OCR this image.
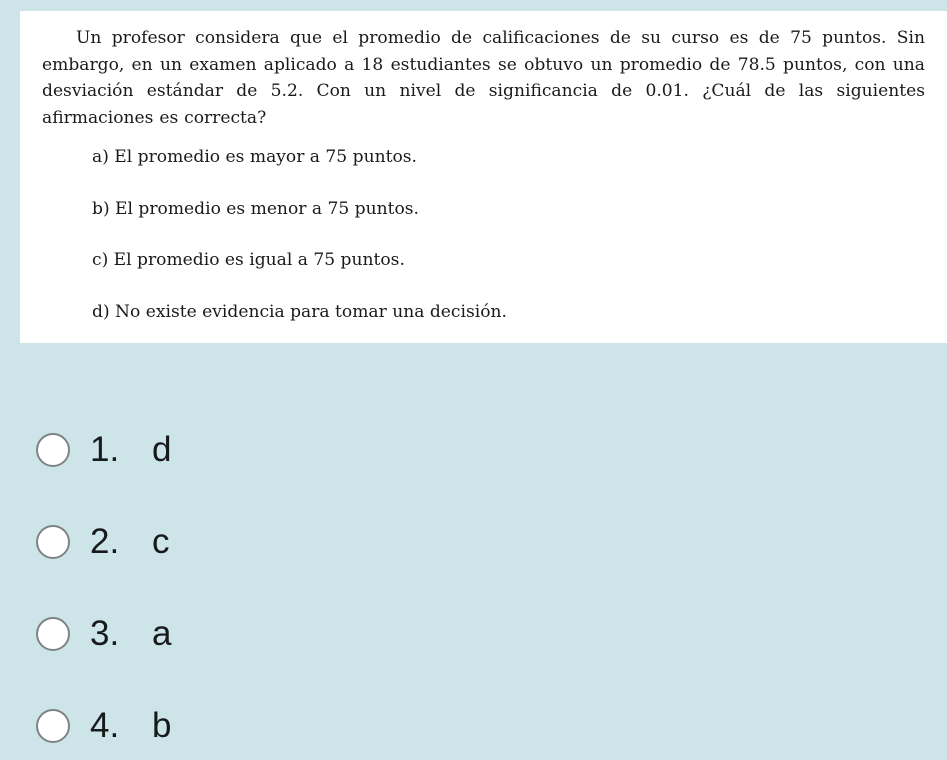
Un profesor considera que el promedio de calificaciones de su curso es de 75 puntos. Sin embargo, en un examen aplicado a 18 estudiantes se obtuvo un promedio de 78.5 puntos, con una desviación estándar de 5.2. Con un nivel de significancia de 0.01. ¿Cuál de las siguientes afirmaciones es correcta?

a) El promedio es mayor a 75 puntos.
b) El promedio es menor a 75 puntos.
c) El promedio es igual a 75 puntos.
d) No existe evidencia para tomar una decisión.
1. d
2. c
3. a
4. b
